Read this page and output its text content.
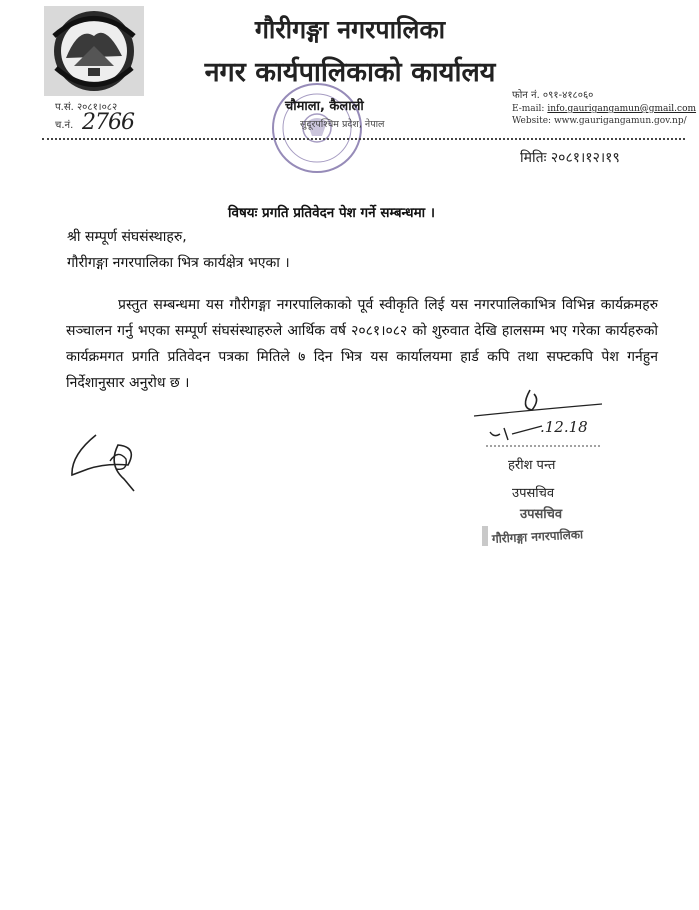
गौरीगङ्गा नगरपालिका
नगर कार्यपालिकाको कार्यालय
चौमाला, कैलाली
सुदूरपश्चिम प्रदेश, नेपाल
फोन नं. ०९१-४१८०६०
E-mail: info.gaurigangamun@gmail.com
Website: www.gaurigangamun.gov.np/
प.सं. २०८१।०८२
च.नं. 2766
मितिः २०८१।१२।१९
विषयः प्रगति प्रतिवेदन पेश गर्ने सम्बन्धमा ।
श्री सम्पूर्ण संघसंस्थाहरु,
गौरीगङ्गा नगरपालिका भित्र कार्यक्षेत्र भएका ।
प्रस्तुत सम्बन्धमा यस गौरीगङ्गा नगरपालिकाको पूर्व स्वीकृति लिई यस नगरपालिकाभित्र विभिन्न कार्यक्रमहरु सञ्चालन गर्नु भएका सम्पूर्ण संघसंस्थाहरुले आर्थिक वर्ष २०८१।०८२ को शुरुवात देखि हालसम्म भए गरेका कार्यहरुको कार्यक्रमगत प्रगति प्रतिवेदन पत्रका मितिले ७ दिन भित्र यस कार्यालयमा हार्ड कपि तथा सफ्टकपि पेश गर्नहुन निर्देशानुसार अनुरोध छ ।
.12.18
हरीश पन्त
उपसचिव
उपसचिव
गौरीगङ्गा नगरपालिका
